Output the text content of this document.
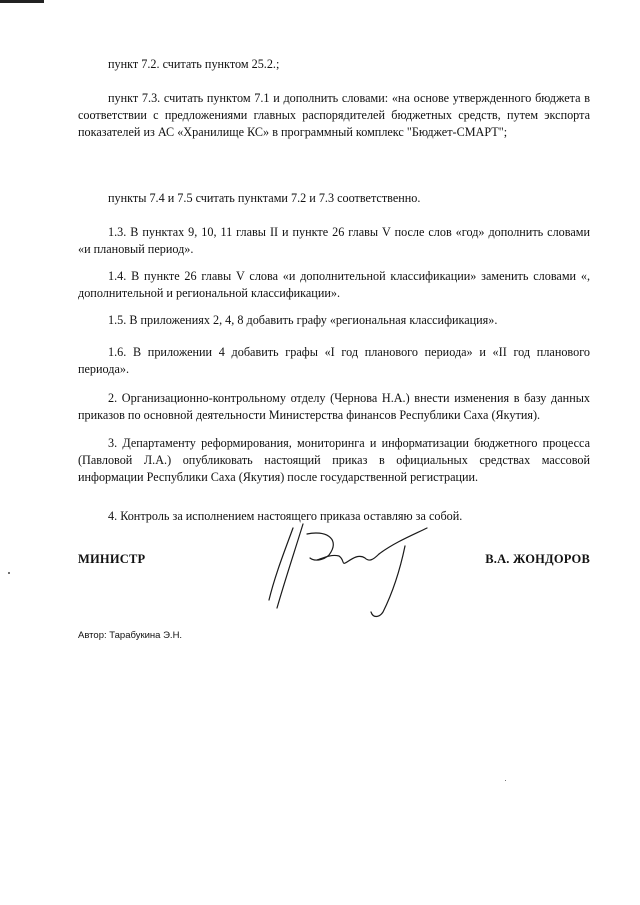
пункт 7.2. считать пунктом 25.2.;

пункт 7.3. считать пунктом 7.1 и дополнить словами: «на основе утвержденного бюджета в соответствии с предложениями главных распорядителей бюджетных средств, путем экспорта показателей из АС «Хранилище КС» в программный комплекс "Бюджет-СМАРТ";

пункты 7.4 и 7.5 считать пунктами 7.2 и 7.3 соответственно.

1.3. В пунктах 9, 10, 11 главы II и пункте 26 главы V после слов «год» дополнить словами «и плановый период».

1.4. В пункте 26 главы V слова «и дополнительной классификации» заменить словами «, дополнительной и региональной классификации».

1.5. В приложениях 2, 4, 8 добавить графу «региональная классификация».

1.6. В приложении 4 добавить графы «I год планового периода» и «II год планового периода».

2. Организационно-контрольному отделу (Чернова Н.А.) внести изменения в базу данных приказов по основной деятельности Министерства финансов Республики Саха (Якутия).

3. Департаменту реформирования, мониторинга и информатизации бюджетного процесса (Павловой Л.А.) опубликовать настоящий приказ в официальных средствах массовой информации Республики Саха (Якутия) после государственной регистрации.

4. Контроль за исполнением настоящего приказа оставляю за собой.

МИНИСТР	В.А. ЖОНДОРОВ
Автор: Тарабукина Э.Н.
